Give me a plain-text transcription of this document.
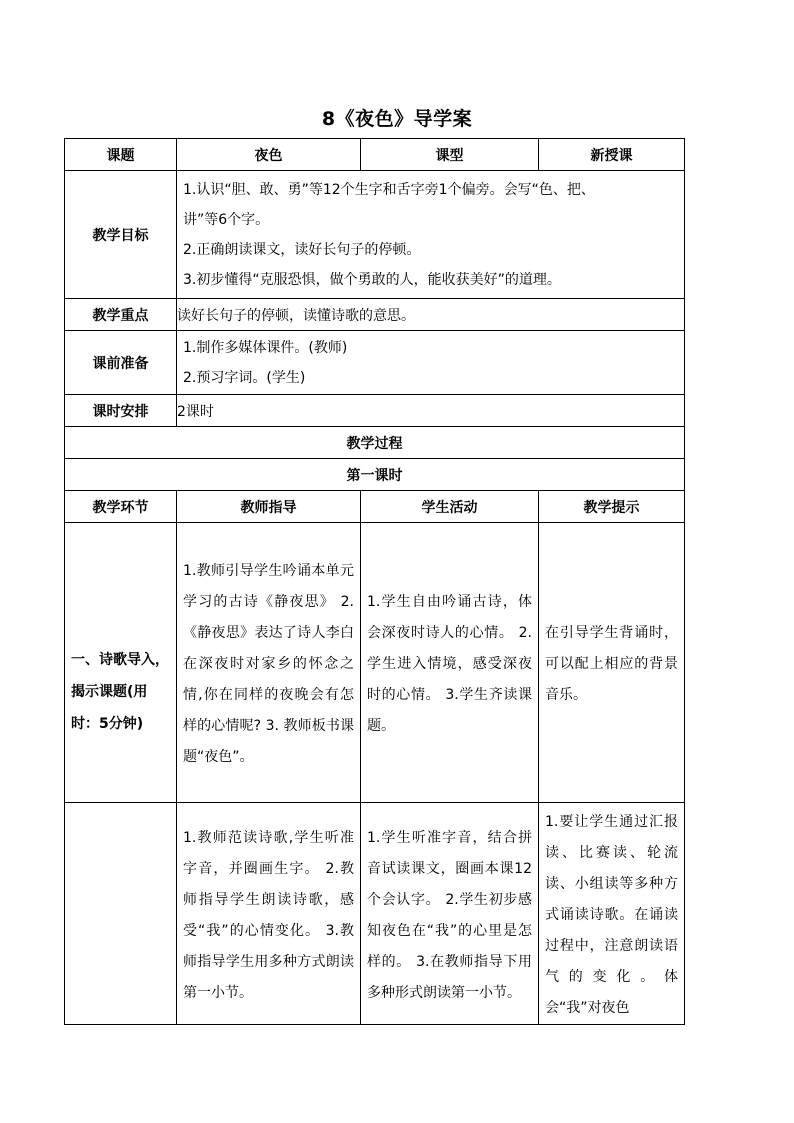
8《夜色》导学案
课题	夜色	课型	新授课
教学目标	1.认识“胆、敢、勇”等12个生字和舌字旁1个偏旁。会写“色、把、
讲”等6个字。
2.正确朗读课文，读好长句子的停顿。
3.初步懂得“克服恐惧，做个勇敢的人，能收获美好”的道理。		

教学重点	读好长句子的停顿，读懂诗歌的意思。		
课前准备	1.制作多媒体课件。(教师)
2.预习字词。(学生)		

课时安排	2课时		
教学过程			
第一课时			
教学环节	教师指导	学生活动	教学提示

一、诗歌导入，揭示课题(用时：5分钟)	1.教师引导学生吟诵本单元学习的古诗《静夜思》 2.《静夜思》表达了诗人李白在深夜时对家乡的怀念之情,你在同样的夜晚会有怎样的心情呢? 3. 教师板书课题“夜色”。	1.学生自由吟诵古诗，体会深夜时诗人的心情。 2.学生进入情境，感受深夜时的心情。 3.学生齐读课题。	在引导学生背诵时，可以配上相应的背景音乐。

	1.教师范读诗歌,学生听准字音，并圈画生字。 2.教师指导学生朗读诗歌，感受“我”的心情变化。 3.教师指导学生用多种方式朗读第一小节。	1.学生听准字音，结合拼音试读课文，圈画本课12个会认字。 2.学生初步感知夜色在“我”的心里是怎样的。 3.在教师指导下用多种形式朗读第一小节。	1.要让学生通过汇报读、比赛读、轮流读、小组读等多种方式诵读诗歌。在诵读过程中，注意朗读语气的变化。体会“我”对夜色
